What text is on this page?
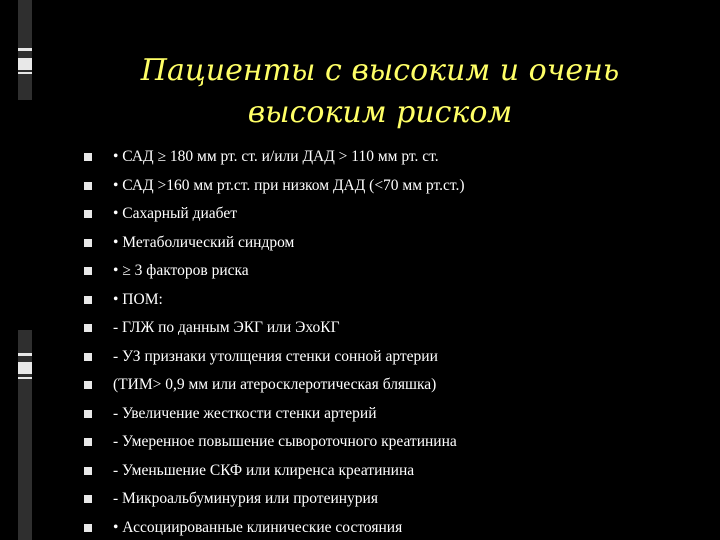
Пациенты с высоким и очень высоким риском
• САД ≥ 180 мм рт. ст. и/или ДАД > 110 мм рт. ст.
• САД >160 мм рт.ст. при низком ДАД (<70 мм рт.ст.)
• Сахарный диабет
• Метаболический синдром
• ≥ 3 факторов риска
• ПОМ:
- ГЛЖ по данным ЭКГ или ЭхоКГ
- УЗ признаки утолщения стенки сонной артерии
(ТИМ> 0,9 мм или атеросклеротическая бляшка)
- Увеличение жесткости стенки артерий
- Умеренное повышение сывороточного креатинина
- Уменьшение СКФ или клиренса креатинина
- Микроальбуминурия или протеинурия
• Ассоциированные клинические состояния
